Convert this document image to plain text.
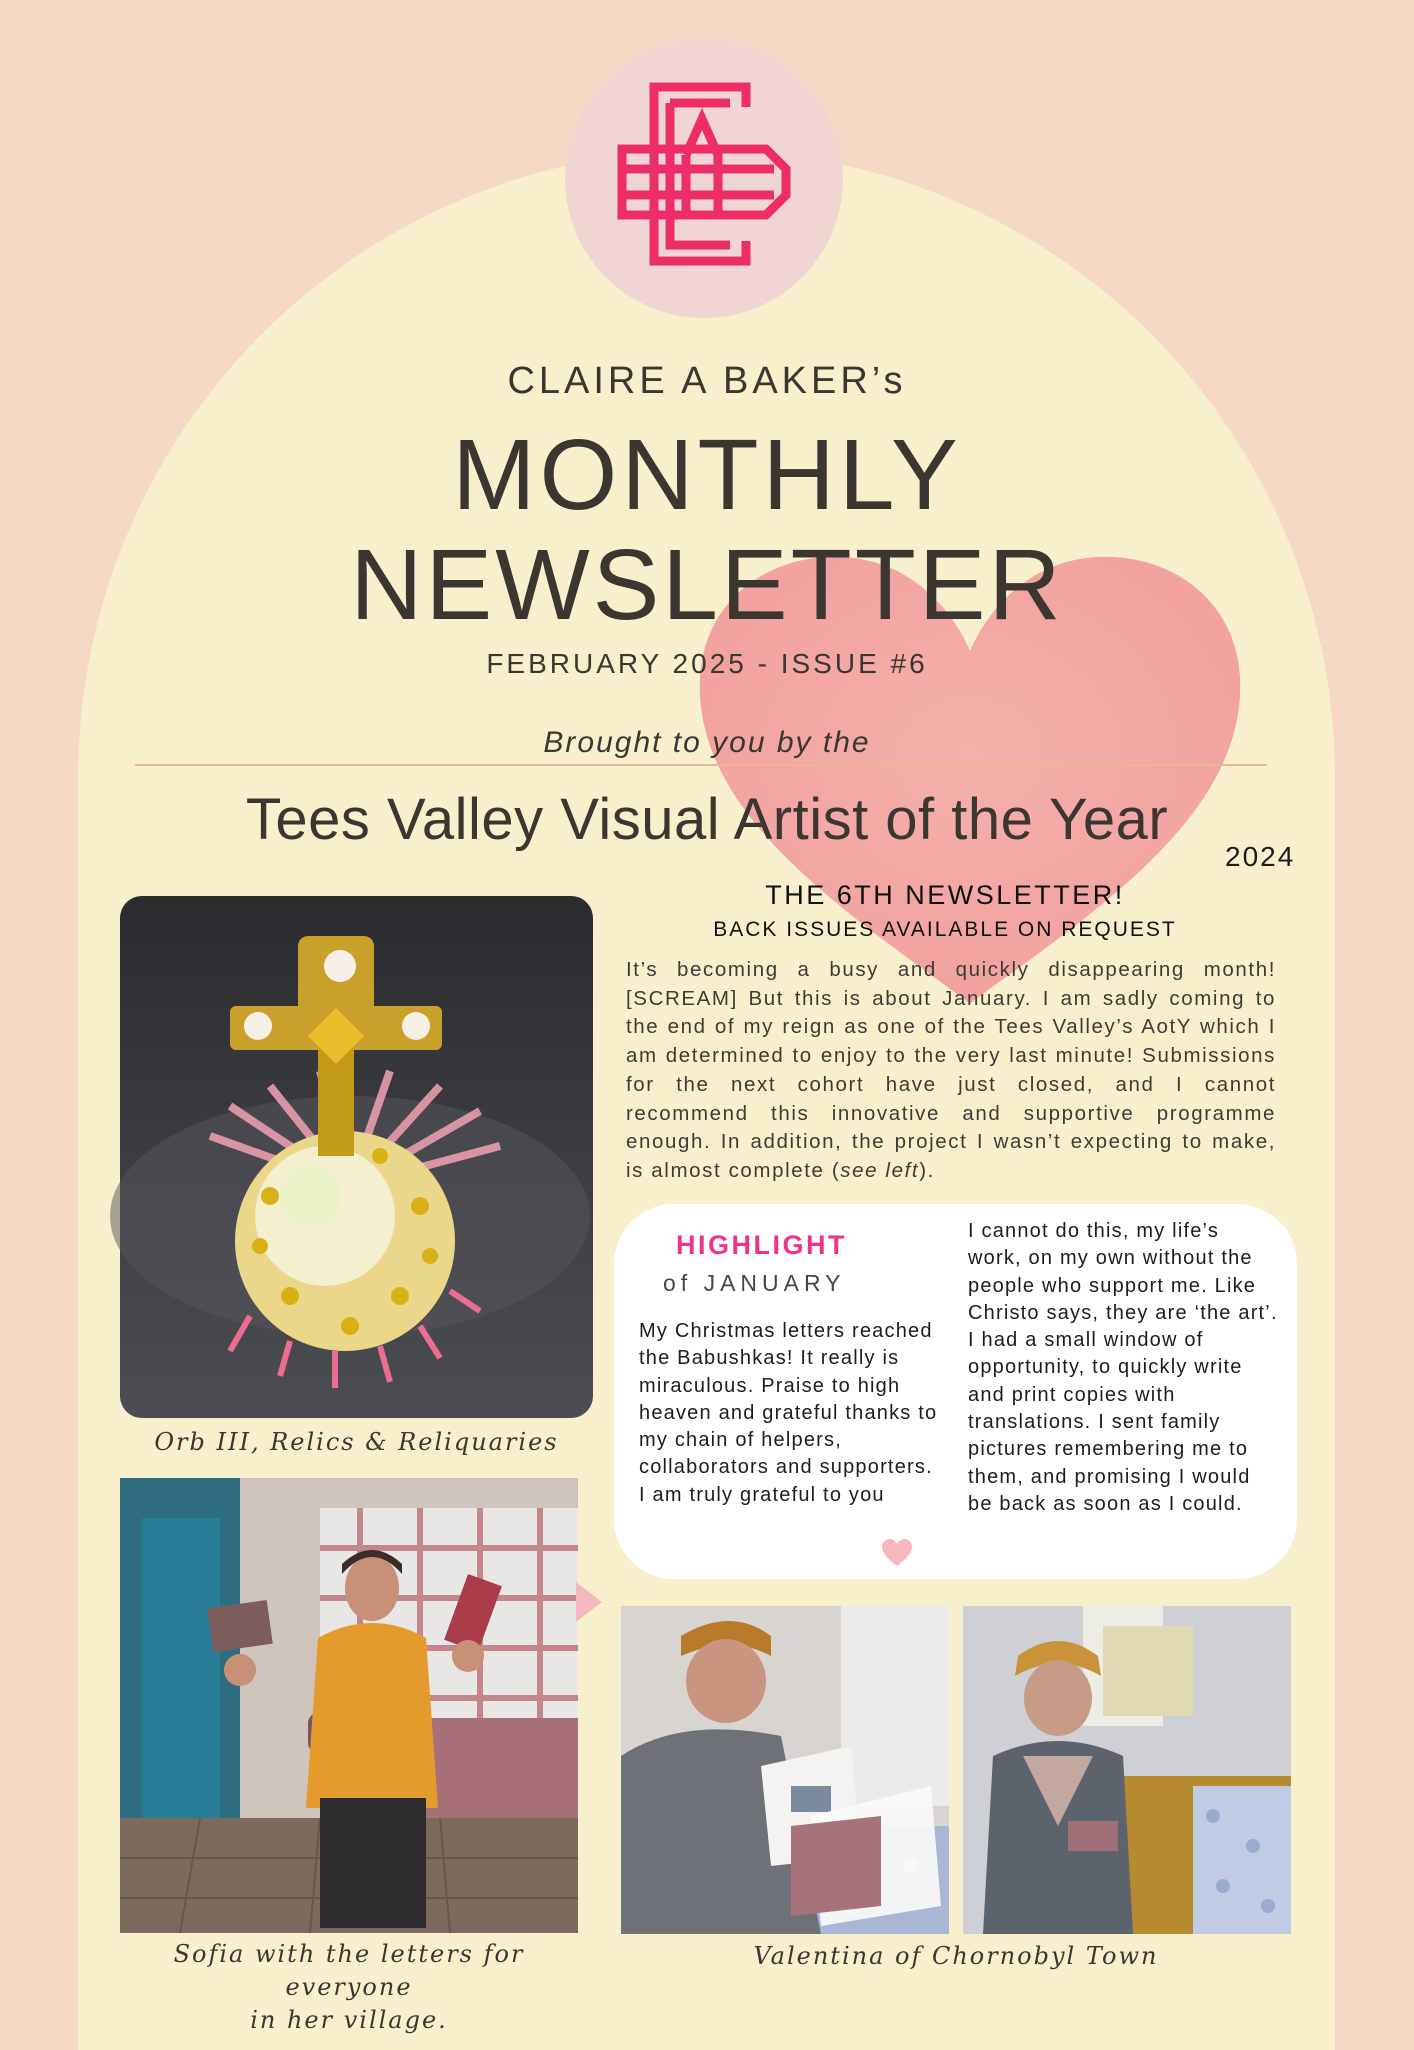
CLAIRE A BAKER’s
MONTHLY
NEWSLETTER
FEBRUARY 2025 - ISSUE #6
Brought to you by the
Tees Valley Visual Artist of the Year
2024
Orb III, Relics & Reliquaries
Sofia with the letters for everyone
in her village.
Valentina of Chornobyl Town
THE 6TH NEWSLETTER!
BACK ISSUES AVAILABLE ON REQUEST
It’s becoming a busy and quickly disappearing month! [SCREAM] But this is about January. I am sadly coming to the end of my reign as one of the Tees Valley’s AotY which I am determined to enjoy to the very last minute! Submissions for the next cohort have just closed, and I cannot recommend this innovative and supportive programme enough. In addition, the project I wasn’t expecting to make, is almost complete (see left).
HIGHLIGHT
of JANUARY
My Christmas letters reached the Babushkas! It really is miraculous. Praise to high heaven and grateful thanks to my chain of helpers, collaborators and supporters.
I am truly grateful to you
I cannot do this, my life’s work, on my own without the people who support me. Like Christo says, they are ‘the art’.
I had a small window of opportunity, to quickly write and print copies with translations. I sent family pictures remembering me to them, and promising I would be back as soon as I could.
